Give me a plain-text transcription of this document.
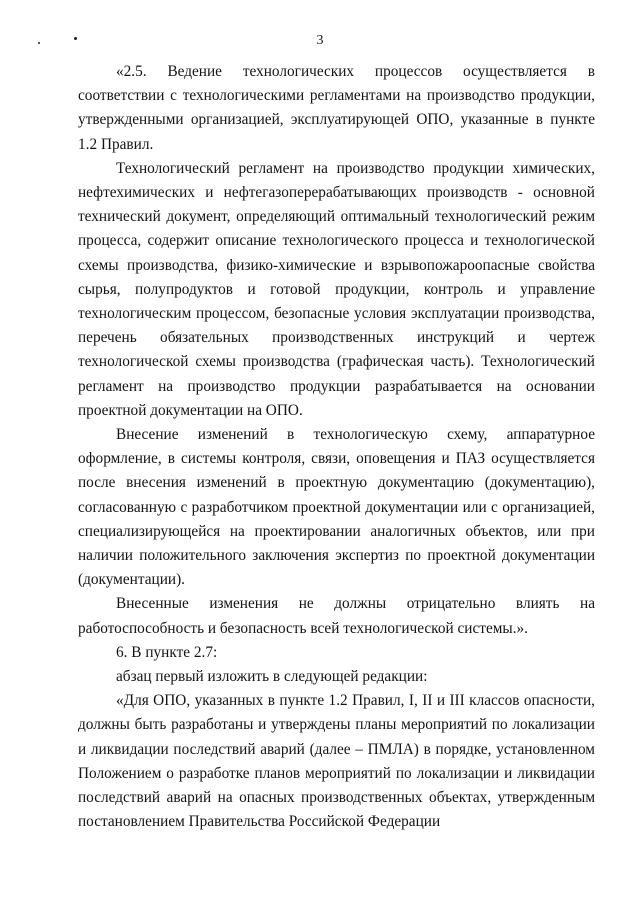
3

«2.5. Ведение технологических процессов осуществляется в соответствии с технологическими регламентами на производство продукции, утвержденными организацией, эксплуатирующей ОПО, указанные в пункте 1.2 Правил.

Технологический регламент на производство продукции химических, нефтехимических и нефтегазоперерабатывающих производств - основной технический документ, определяющий оптимальный технологический режим процесса, содержит описание технологического процесса и технологической схемы производства, физико-химические и взрывопожароопасные свойства сырья, полупродуктов и готовой продукции, контроль и управление технологическим процессом, безопасные условия эксплуатации производства, перечень обязательных производственных инструкций и чертеж технологической схемы производства (графическая часть). Технологический регламент на производство продукции разрабатывается на основании проектной документации на ОПО.

Внесение изменений в технологическую схему, аппаратурное оформление, в системы контроля, связи, оповещения и ПАЗ осуществляется после внесения изменений в проектную документацию (документацию), согласованную с разработчиком проектной документации или с организацией, специализирующейся на проектировании аналогичных объектов, или при наличии положительного заключения экспертиз по проектной документации (документации).

Внесенные изменения не должны отрицательно влиять на работоспособность и безопасность всей технологической системы.».

6. В пункте 2.7:

абзац первый изложить в следующей редакции:

«Для ОПО, указанных в пункте 1.2 Правил, I, II и III классов опасности, должны быть разработаны и утверждены планы мероприятий по локализации и ликвидации последствий аварий (далее – ПМЛА) в порядке, установленном Положением о разработке планов мероприятий по локализации и ликвидации последствий аварий на опасных производственных объектах, утвержденным постановлением Правительства Российской Федерации
